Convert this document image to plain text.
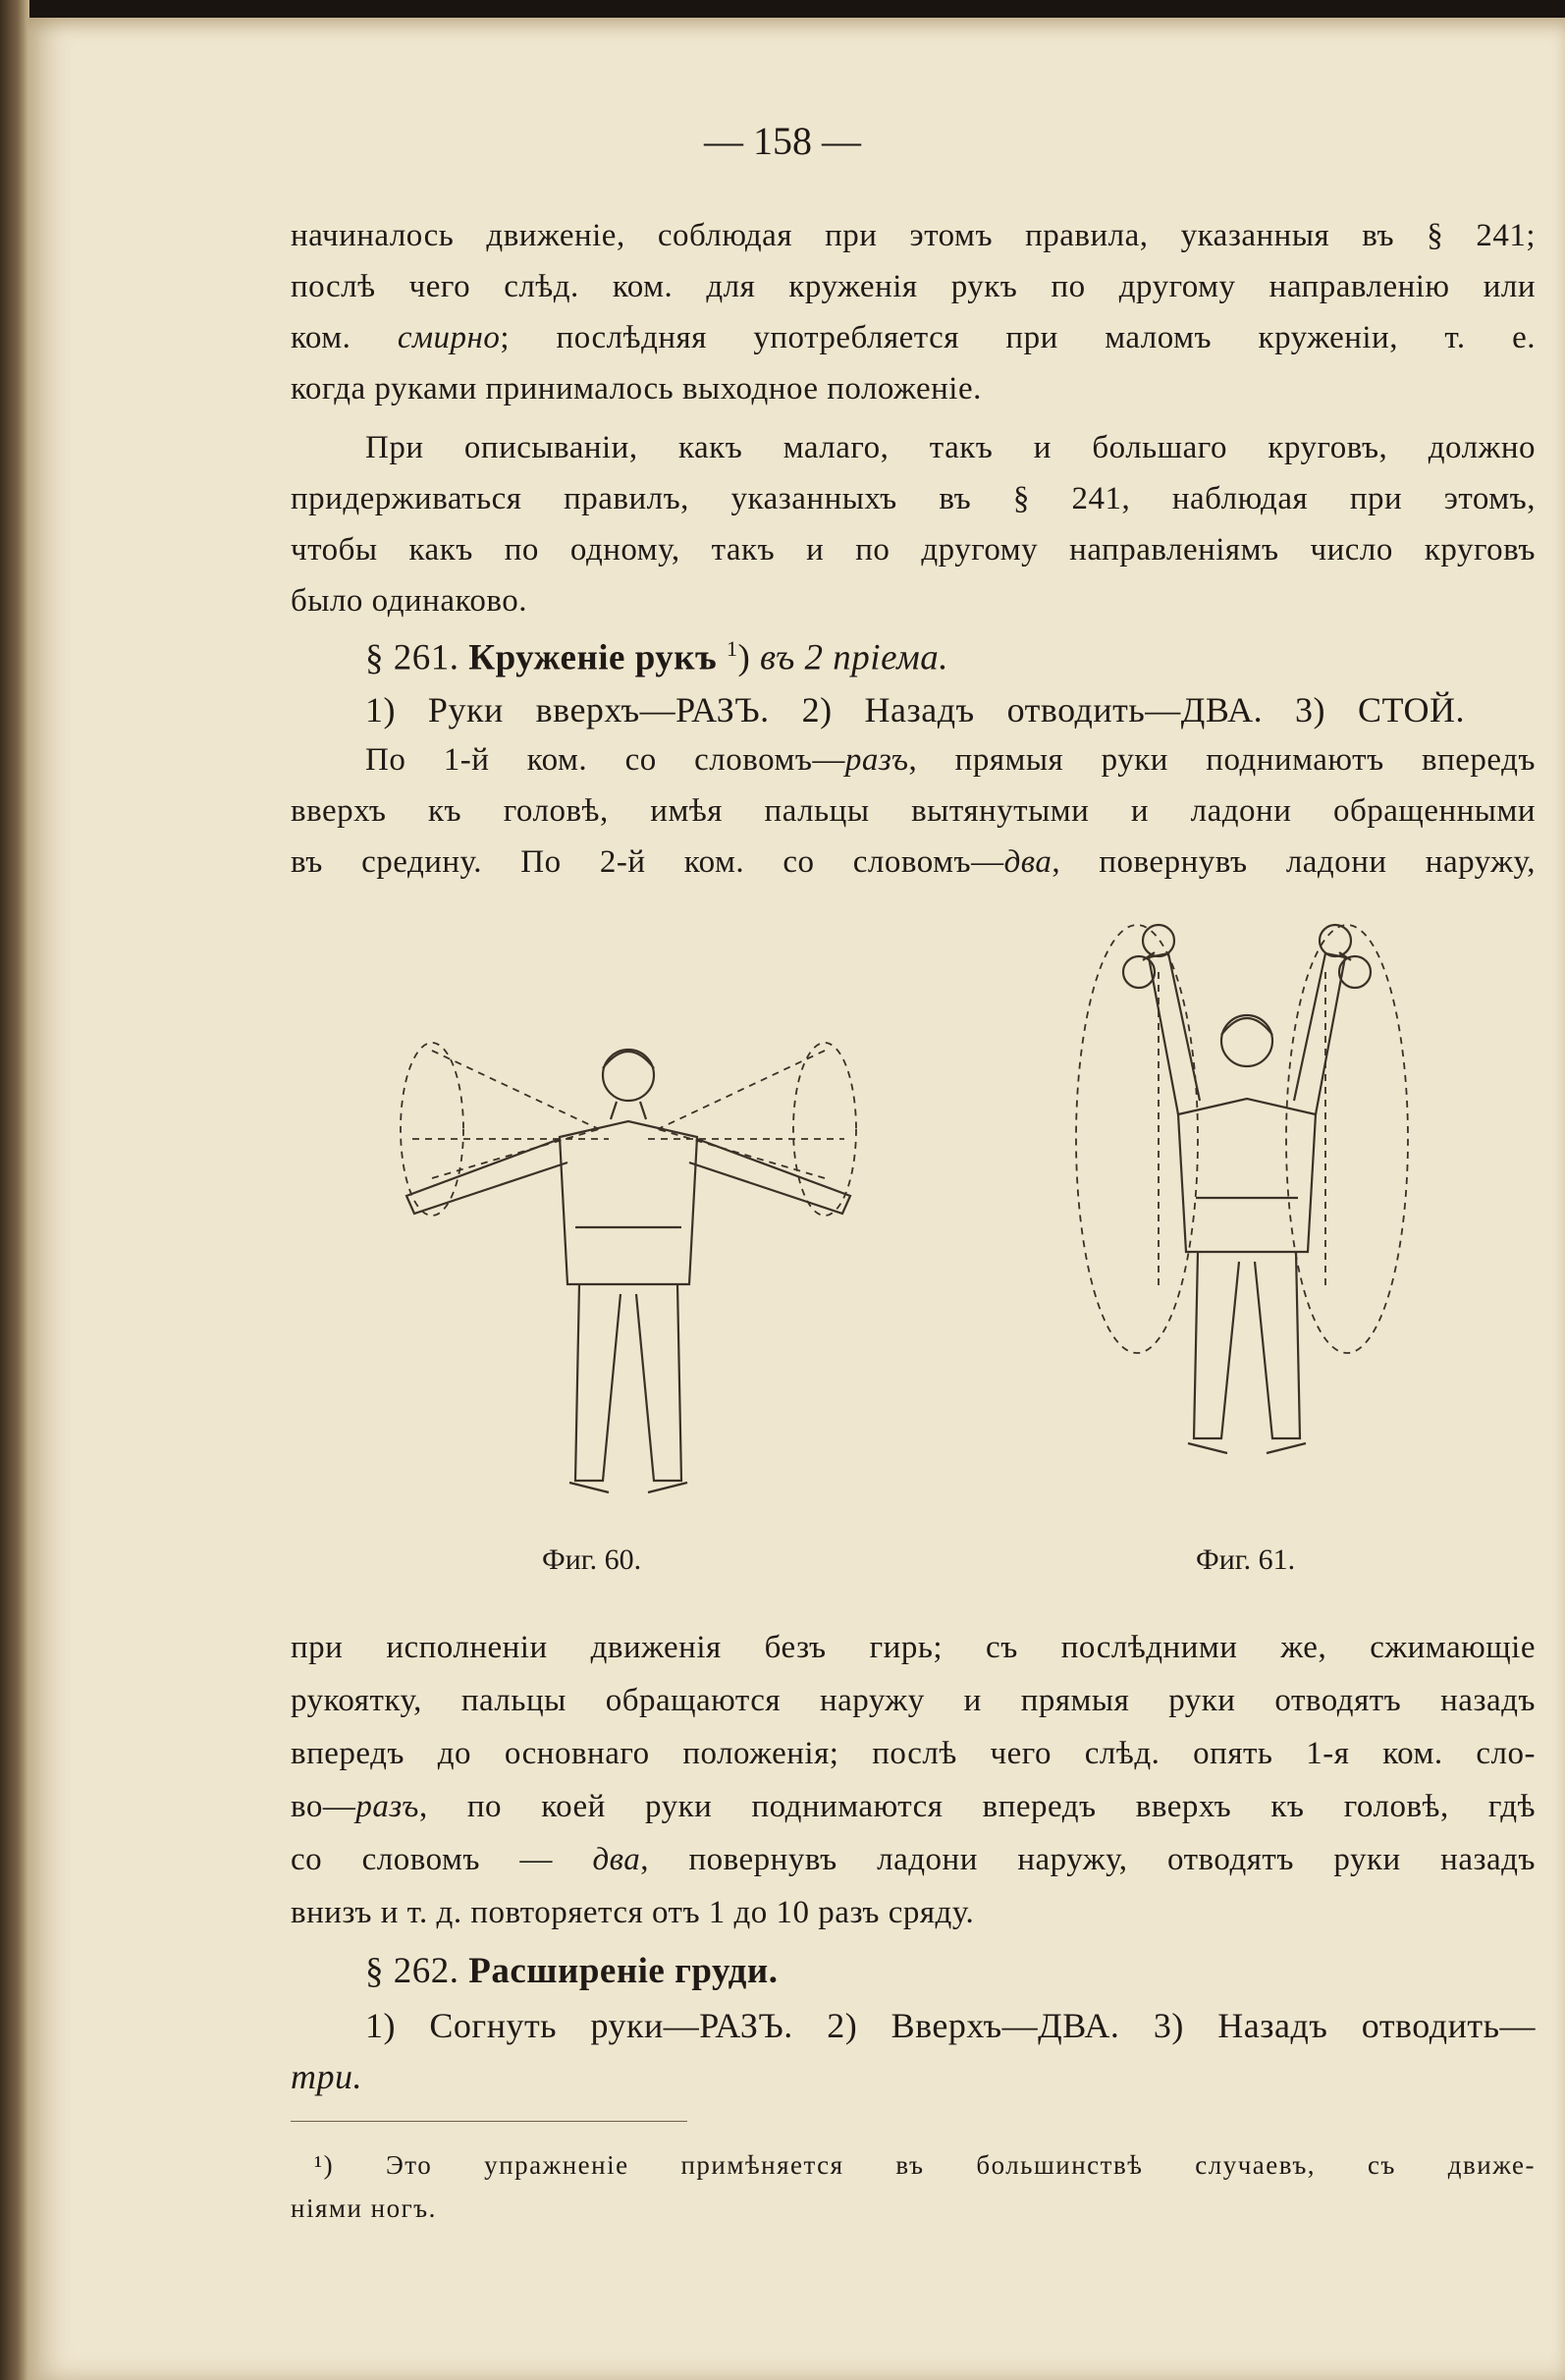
— 158 —
начиналось движеніе, соблюдая при этомъ правила, указанныя въ § 241;
послѣ чего слѣд. ком. для круженія рукъ по другому направленію или
ком. смирно; послѣдняя употребляется при маломъ круженіи, т. е.
когда руками принималось выходное положеніе.
При описываніи, какъ малаго, такъ и большаго круговъ, должно
придерживаться правилъ, указанныхъ въ § 241, наблюдая при этомъ,
чтобы какъ по одному, такъ и по другому направленіямъ число круговъ
было одинаково.
§ 261. Круженіе рукъ $^1$) въ 2 пріема.
1) Руки вверхъ—РАЗЪ. 2) Назадъ отводить—ДВА. 3) СТОЙ.
По 1-й ком. со словомъ—разъ, прямыя руки поднимаютъ впередъ
вверхъ къ головѣ, имѣя пальцы вытянутыми и ладони обращенными
въ средину. По 2-й ком. со словомъ—два, повернувъ ладони наружу,
Фиг. 60.	Фиг. 61.
при исполненіи движенія безъ гирь; съ послѣдними же, сжимающіе
рукоятку, пальцы обращаются наружу и прямыя руки отводятъ назадъ
впередъ до основнаго положенія; послѣ чего слѣд. опять 1-я ком. сло-
во—разъ, по коей руки поднимаются впередъ вверхъ къ головѣ, гдѣ
со словомъ — два, повернувъ ладони наружу, отводятъ руки назадъ
внизъ и т. д. повторяется отъ 1 до 10 разъ сряду.
§ 262. Расширеніе груди.
1) Согнуть руки—РАЗЪ. 2) Вверхъ—ДВА. 3) Назадъ отводить—
три.
¹) Это упражненіе примѣняется въ большинствѣ случаевъ, съ движе-
ніями ногъ.
